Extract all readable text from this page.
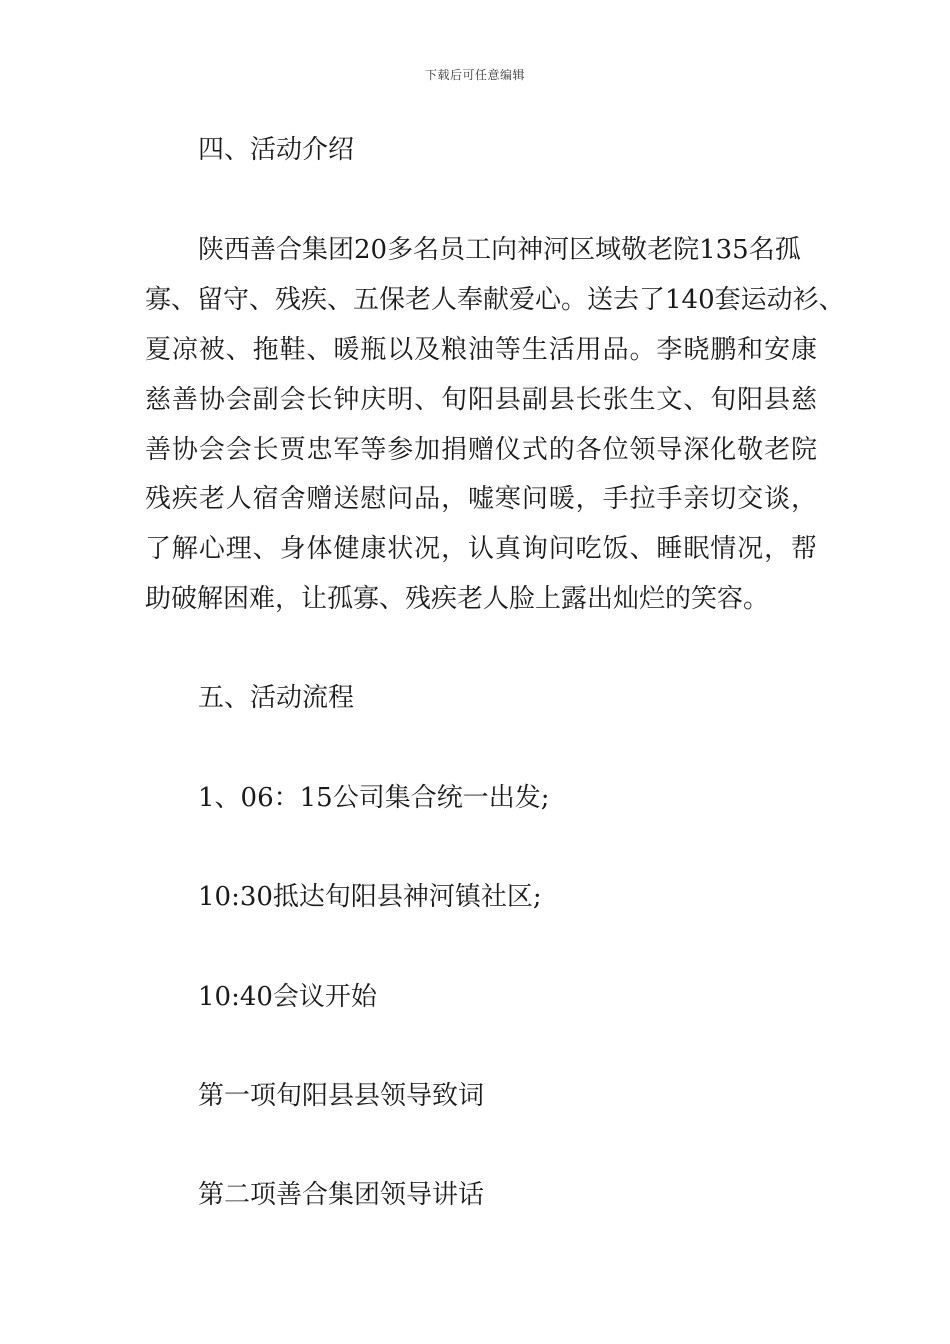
下载后可任意编辑
四、活动介绍
陕西善合集团20多名员工向神河区域敬老院135名孤
寡、留守、残疾、五保老人奉献爱心。送去了140套运动衫、
夏凉被、拖鞋、暖瓶以及粮油等生活用品。李晓鹏和安康
慈善协会副会长钟庆明、旬阳县副县长张生文、旬阳县慈
善协会会长贾忠军等参加捐赠仪式的各位领导深化敬老院
残疾老人宿舍赠送慰问品，嘘寒问暖，手拉手亲切交谈，
了解心理、身体健康状况，认真询问吃饭、睡眠情况，帮
助破解困难，让孤寡、残疾老人脸上露出灿烂的笑容。
五、活动流程
1、06：15公司集合统一出发;
10:30抵达旬阳县神河镇社区;
10:40会议开始
第一项旬阳县县领导致词
第二项善合集团领导讲话
